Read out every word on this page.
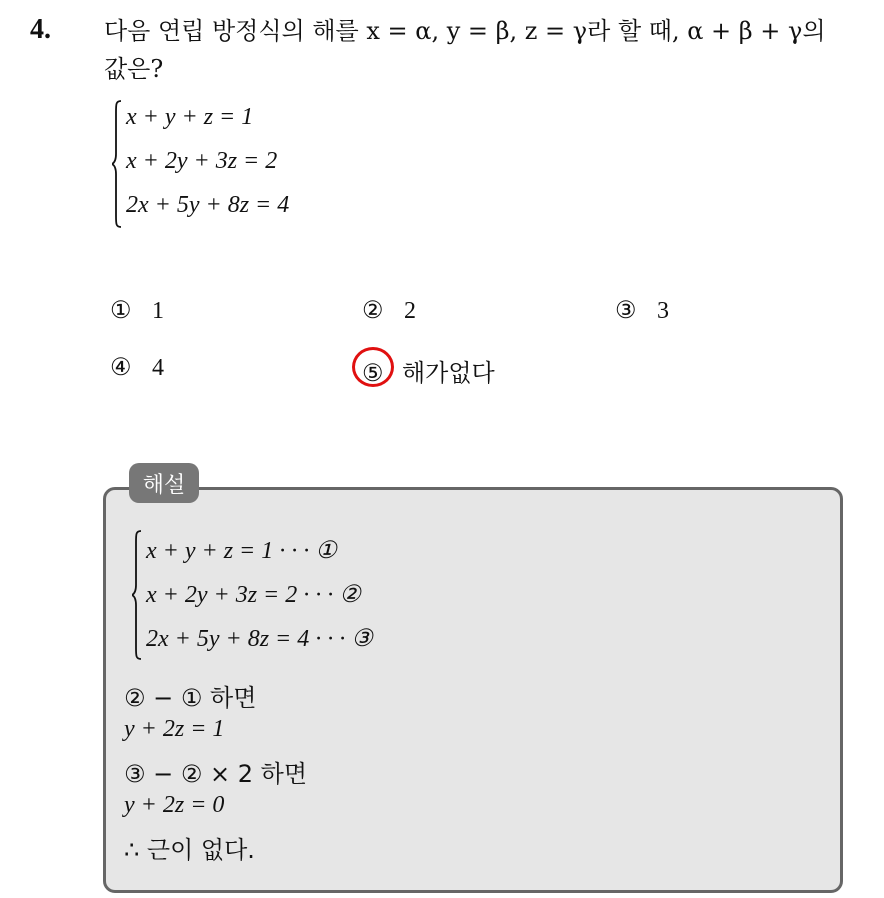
4. 다음 연립 방정식의 해를 x = α, y = β, z = γ라 할 때, α + β + γ의
값은?
x + y + z = 1
x + 2y + 3z = 2
2x + 5y + 8z = 4
① 1	② 2	③ 3
④ 4	⑤ 해가없다
해설
x + y + z = 1 · · · ①
x + 2y + 3z = 2 · · · ②
2x + 5y + 8z = 4 · · · ③
② − ① 하면
y + 2z = 1
③ − ② × 2 하면
y + 2z = 0
∴ 근이 없다.
